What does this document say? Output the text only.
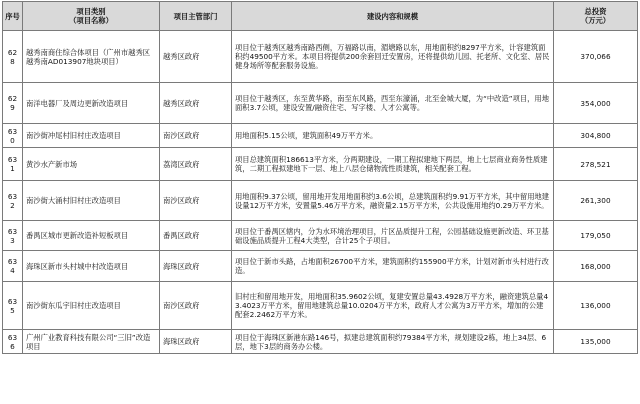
序号	项目类别
（项目名称）	项目主管部门	建设内容和规模	总投资
（万元）
628	越秀南商住综合体项目（广州市越秀区越秀南AD013907地块项目）	越秀区政府	项目位于越秀区越秀南路西侧，万福路以南，湄塘路以东，用地面积约8297平方米，计容建筑面积约49500平方米。本项目将提供200余套回迁安置房，还将提供幼儿园、托老所、文化室、居民健身场所等配套服务设施。	370,066
629	南洋电器厂及周边更新改造项目	越秀区政府	项目位于越秀区，东至黄华路，南至东风路，西至东濠涌，北至金城大厦，为“中改造”项目，用地面积3.7公顷，建设安置/融资住宅、写字楼、人才公寓等。	354,000
630	南沙街冲尾村旧村庄改造项目	南沙区政府	用地面积5.15公顷，建筑面积49万平方米。	304,800
631	黄沙水产新市场	荔湾区政府	项目总建筑面积186613平方米，分两期建设，一期工程拟建地下两层，地上七层商业商务性质建筑，二期工程拟建地下一层、地上八层仓储物流性质建筑，相关配套工程。	278,521
632	南沙街大涌村旧村庄改造项目	南沙区政府	用地面积9.37公顷，留用地开发用地面积约3.6公顷，总建筑面积约9.91万平方米，其中留用地建设量12万平方米，安置量5.46万平方米，融资量2.15万平方米，公共设施用地约0.29万平方米。	261,300
633	番禺区城市更新改造补短板项目	番禺区政府	项目位于番禺区辖内，分为水环境治理项目，片区品质提升工程，公园基础设施更新改造、环卫基础设施品质提升工程4大类型，合计25个子项目。	179,050
634	海珠区新市头村城中村改造项目	海珠区政府	项目位于新市头路，占地面积26700平方米，建筑面积约155900平方米，计划对新市头村进行改造。	168,000
635	南沙街东瓜宇旧村庄改造项目	南沙区政府	旧村庄和留用地开发，用地面积35.9602公顷，复建安置总量43.4928万平方米，融资建筑总量43.4023万平方米，留用地建筑总量10.0204万平方米，政府人才公寓为3万平方米，增加的公建配套2.2462万平方米。	136,000
636	广州广业教育科技有限公司“三旧”改造项目	海珠区政府	项目位于海珠区新港东路146号，拟建总建筑面积约79384平方米，规划建设2栋，地上34层、6层，地下3层的商务办公楼。	135,000
